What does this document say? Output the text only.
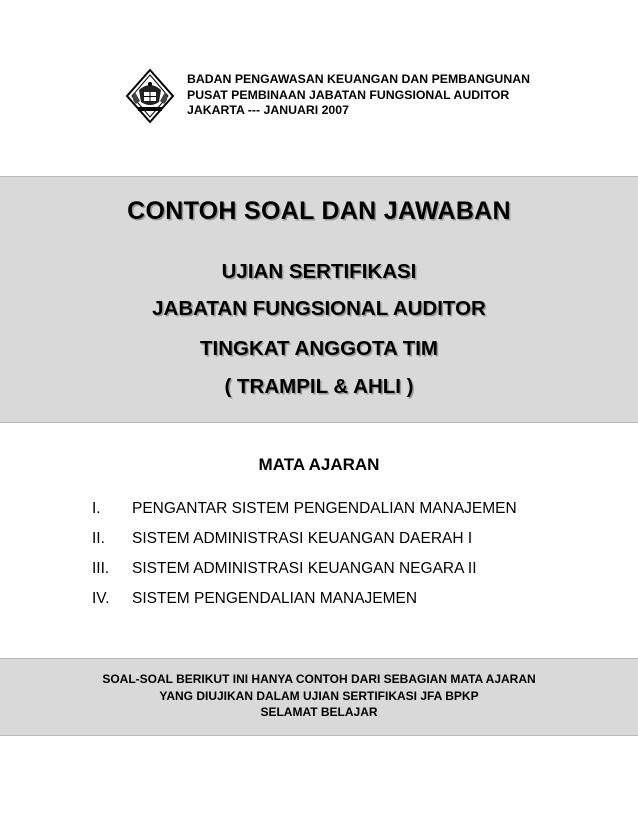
BADAN PENGAWASAN KEUANGAN DAN PEMBANGUNAN
PUSAT PEMBINAAN JABATAN FUNGSIONAL AUDITOR
JAKARTA --- JANUARI 2007
CONTOH SOAL DAN JAWABAN
UJIAN SERTIFIKASI
JABATAN FUNGSIONAL AUDITOR
TINGKAT ANGGOTA TIM
( TRAMPIL & AHLI )
MATA AJARAN
I. PENGANTAR SISTEM PENGENDALIAN MANAJEMEN
II. SISTEM ADMINISTRASI KEUANGAN DAERAH I
III. SISTEM ADMINISTRASI KEUANGAN NEGARA II
IV. SISTEM PENGENDALIAN MANAJEMEN
SOAL-SOAL BERIKUT INI HANYA CONTOH DARI SEBAGIAN MATA AJARAN
YANG DIUJIKAN DALAM UJIAN SERTIFIKASI JFA BPKP
SELAMAT BELAJAR
